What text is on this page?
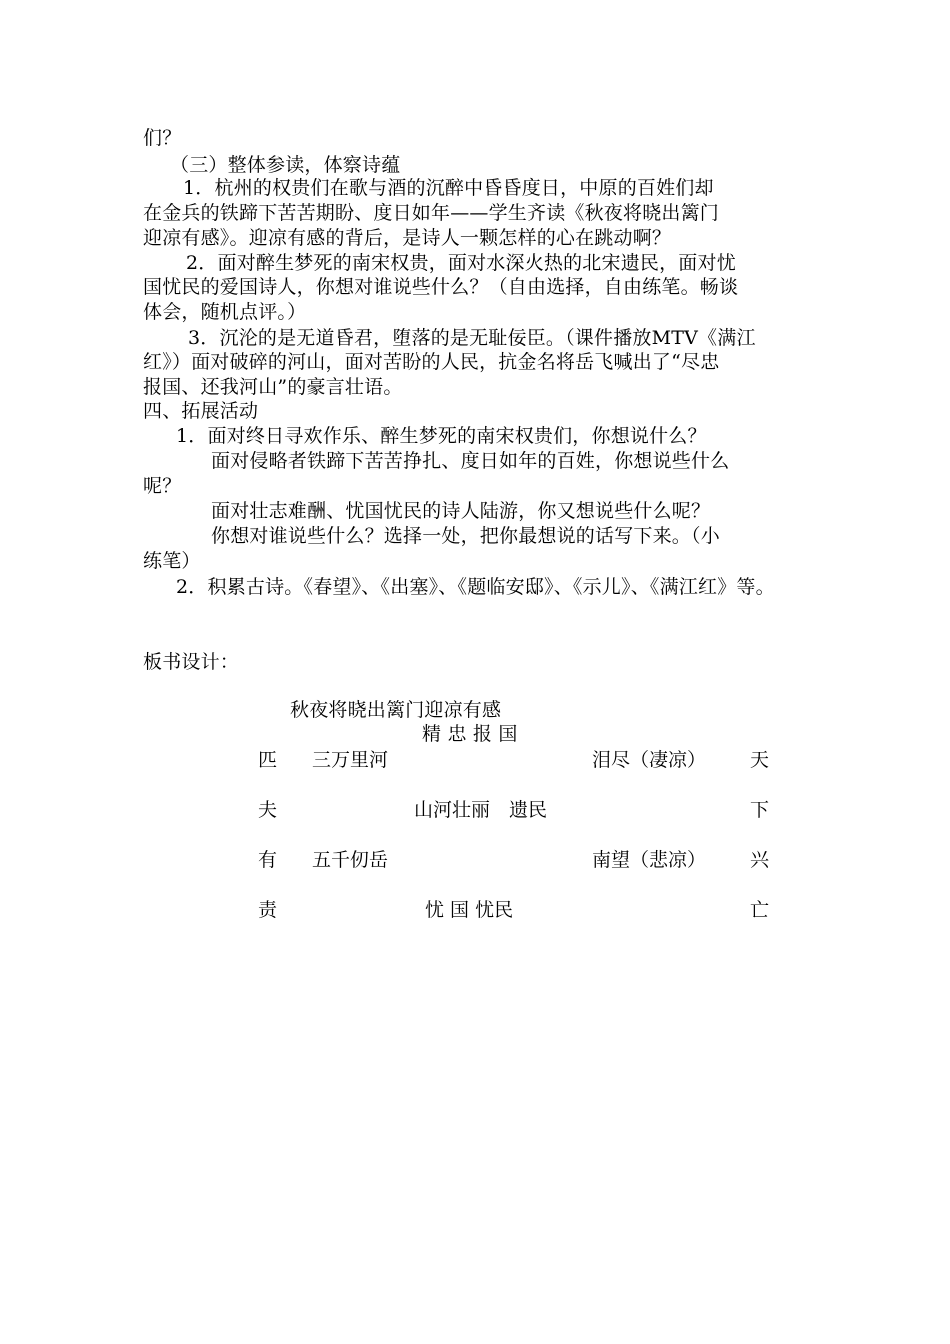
们？
（三）整体参读，体察诗蕴
1．杭州的权贵们在歌与酒的沉醉中昏昏度日，中原的百姓们却
在金兵的铁蹄下苦苦期盼、度日如年——学生齐读《秋夜将晓出篱门
迎凉有感》。迎凉有感的背后，是诗人一颗怎样的心在跳动啊？
2．面对醉生梦死的南宋权贵，面对水深火热的北宋遗民，面对忧
国忧民的爱国诗人，你想对谁说些什么？（自由选择，自由练笔。畅谈
体会，随机点评。）
3．沉沦的是无道昏君，堕落的是无耻佞臣。（课件播放MTV《满江
红》）面对破碎的河山，面对苦盼的人民，抗金名将岳飞喊出了“尽忠
报国、还我河山”的豪言壮语。
四、拓展活动
1．面对终日寻欢作乐、醉生梦死的南宋权贵们，你想说什么？
面对侵略者铁蹄下苦苦挣扎、度日如年的百姓，你想说些什么
呢？
面对壮志难酬、忧国忧民的诗人陆游，你又想说些什么呢？
你想对谁说些什么？选择一处，把你最想说的话写下来。（小
练笔）
2．积累古诗。《春望》、《出塞》、《题临安邸》、《示儿》、《满江红》等。
板书设计：
秋夜将晓出篱门迎凉有感
精 忠 报 国
匹 三万里河	泪尽（凄凉） 天
夫	山河壮丽　遗民	下
有 五千仞岳	南望（悲凉） 兴
责	忧 国 忧民	亡
